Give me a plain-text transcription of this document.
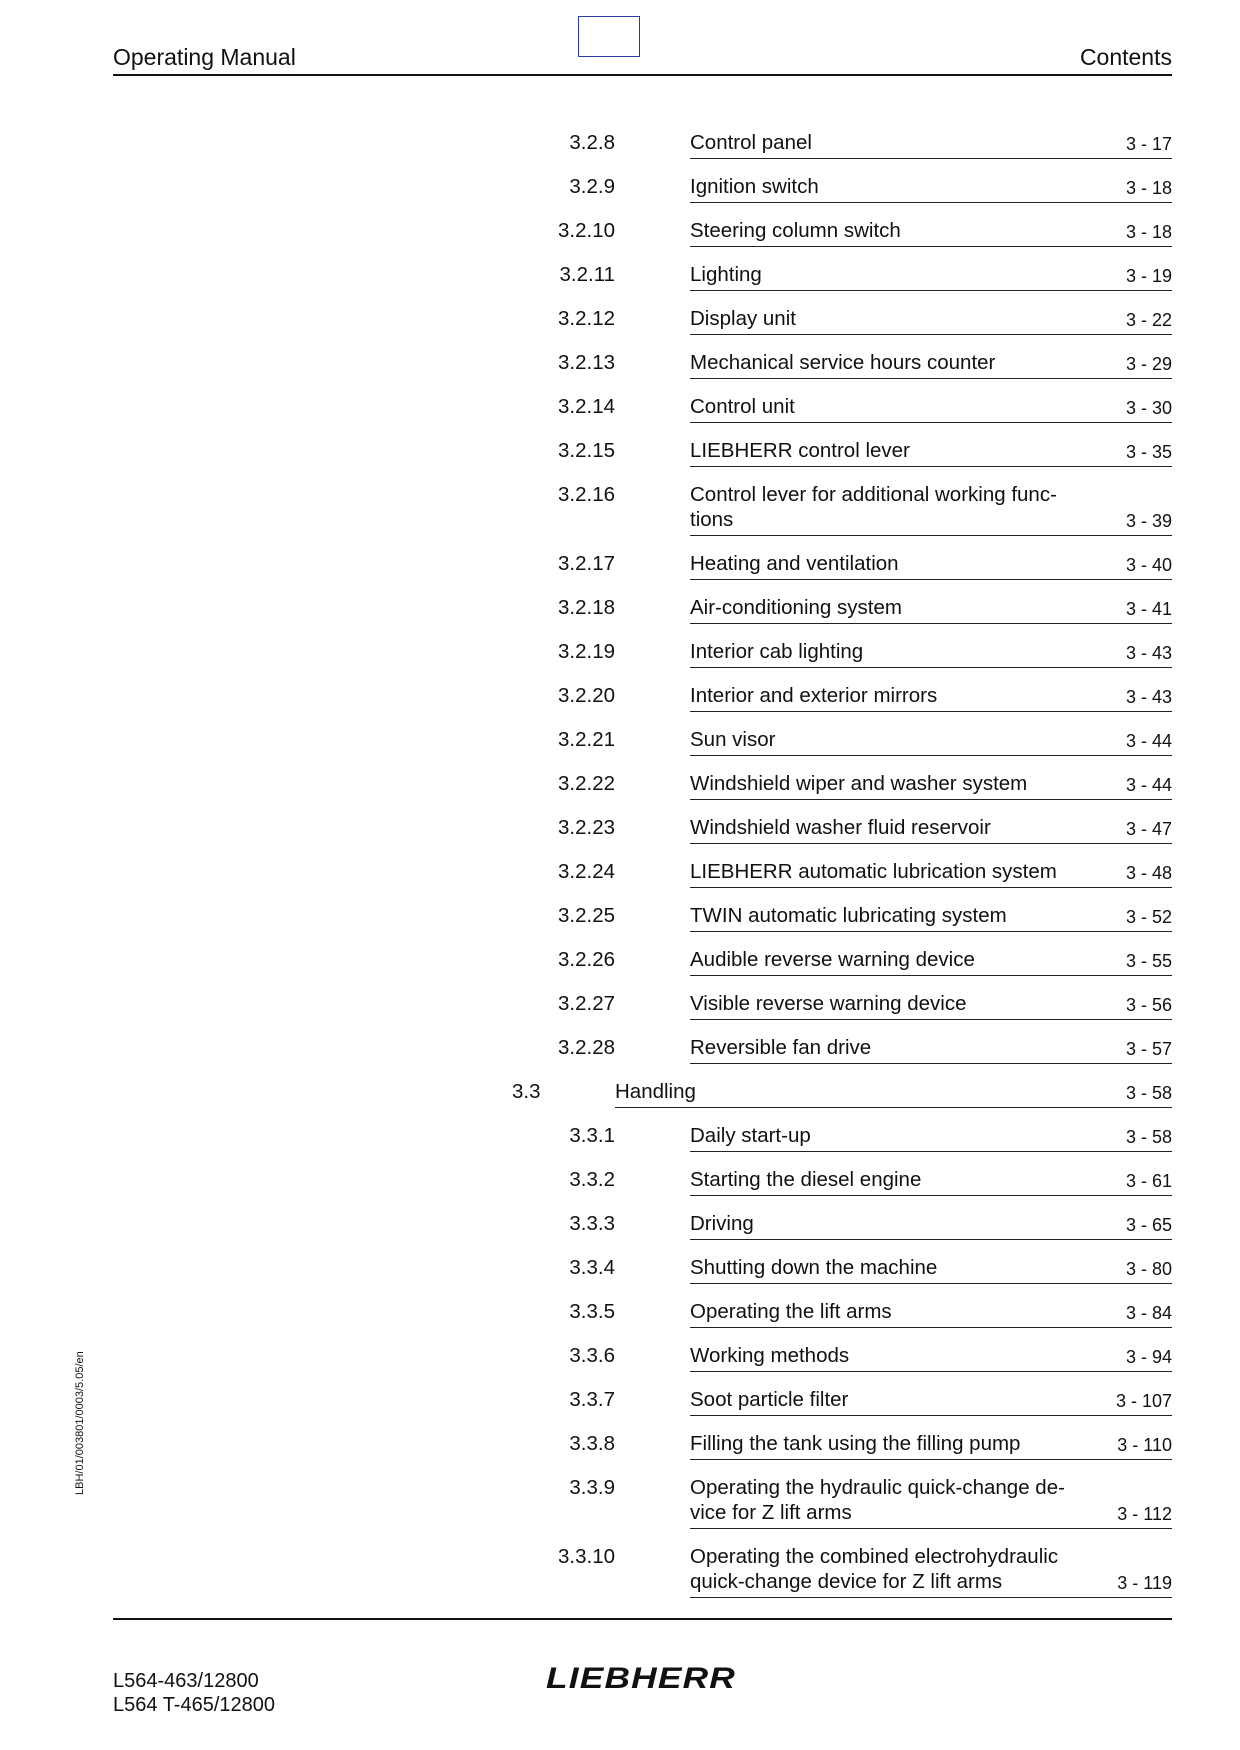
Operating Manual	Contents
LBH/01/003801/0003/5.05/en
3.2.8	Control panel	3 - 17
3.2.9	Ignition switch	3 - 18
3.2.10	Steering column switch	3 - 18
3.2.11	Lighting	3 - 19
3.2.12	Display unit	3 - 22
3.2.13	Mechanical service hours counter	3 - 29
3.2.14	Control unit	3 - 30
3.2.15	LIEBHERR control lever	3 - 35
3.2.16	Control lever for additional working func-
tions	3 - 39
3.2.17	Heating and ventilation	3 - 40
3.2.18	Air-conditioning system	3 - 41
3.2.19	Interior cab lighting	3 - 43
3.2.20	Interior and exterior mirrors	3 - 43
3.2.21	Sun visor	3 - 44
3.2.22	Windshield wiper and washer system	3 - 44
3.2.23	Windshield washer fluid reservoir	3 - 47
3.2.24	LIEBHERR automatic lubrication system	3 - 48
3.2.25	TWIN automatic lubricating system	3 - 52
3.2.26	Audible reverse warning device	3 - 55
3.2.27	Visible reverse warning device	3 - 56
3.2.28	Reversible fan drive	3 - 57
3.3	Handling	3 - 58
3.3.1	Daily start-up	3 - 58
3.3.2	Starting the diesel engine	3 - 61
3.3.3	Driving	3 - 65
3.3.4	Shutting down the machine	3 - 80
3.3.5	Operating the lift arms	3 - 84
3.3.6	Working methods	3 - 94
3.3.7	Soot particle filter	3 - 107
3.3.8	Filling the tank using the filling pump	3 - 110
3.3.9	Operating the hydraulic quick-change de-
vice for Z lift arms	3 - 112
3.3.10	Operating the combined electrohydraulic
quick-change device for Z lift arms	3 - 119
L564-463/12800
L564 T-465/12800
LIEBHERR
